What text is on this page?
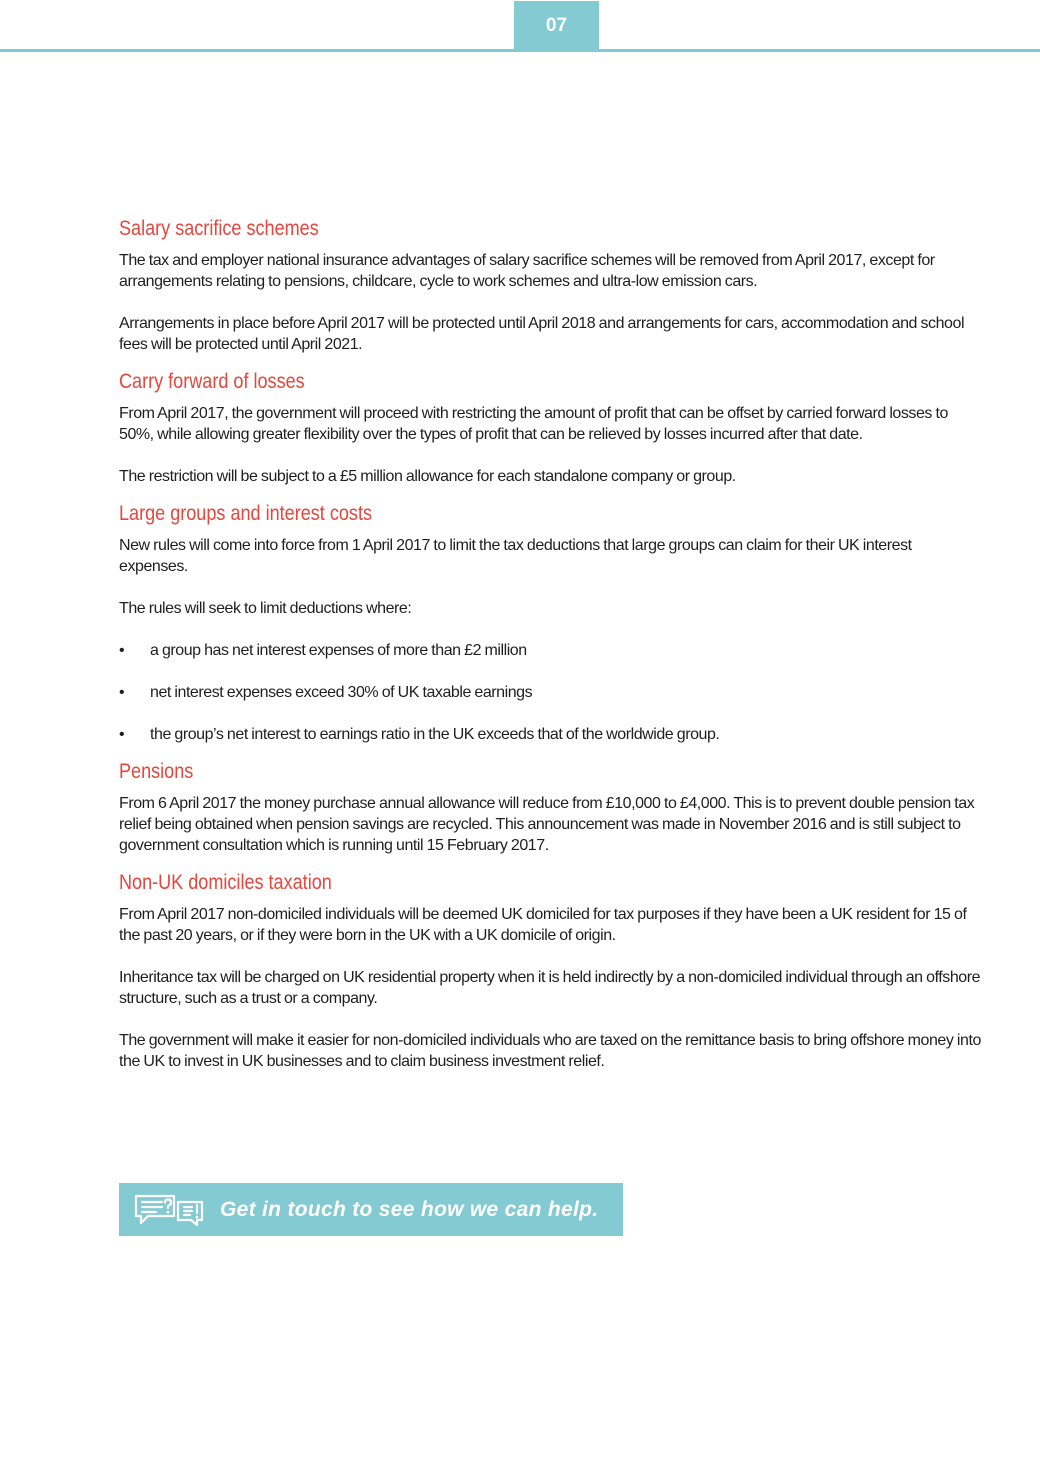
07
Salary sacrifice schemes

The tax and employer national insurance advantages of salary sacrifice schemes will be removed from April 2017, except for arrangements relating to pensions, childcare, cycle to work schemes and ultra-low emission cars.

Arrangements in place before April 2017 will be protected until April 2018 and arrangements for cars, accommodation and school fees will be protected until April 2021.

Carry forward of losses

From April 2017, the government will proceed with restricting the amount of profit that can be offset by carried forward losses to 50%, while allowing greater flexibility over the types of profit that can be relieved by losses incurred after that date.

The restriction will be subject to a £5 million allowance for each standalone company or group.

Large groups and interest costs

New rules will come into force from 1 April 2017 to limit the tax deductions that large groups can claim for their UK interest expenses.

The rules will seek to limit deductions where:

• a group has net interest expenses of more than £2 million
• net interest expenses exceed 30% of UK taxable earnings
• the group’s net interest to earnings ratio in the UK exceeds that of the worldwide group.
Pensions

From 6 April 2017 the money purchase annual allowance will reduce from £10,000 to £4,000. This is to prevent double pension tax relief being obtained when pension savings are recycled. This announcement was made in November 2016 and is still subject to government consultation which is running until 15 February 2017.

Non-UK domiciles taxation

From April 2017 non-domiciled individuals will be deemed UK domiciled for tax purposes if they have been a UK resident for 15 of the past 20 years, or if they were born in the UK with a UK domicile of origin.

Inheritance tax will be charged on UK residential property when it is held indirectly by a non-domiciled individual through an offshore structure, such as a trust or a company.

The government will make it easier for non-domiciled individuals who are taxed on the remittance basis to bring offshore money into the UK to invest in UK businesses and to claim business investment relief.

Get in touch to see how we can help.
